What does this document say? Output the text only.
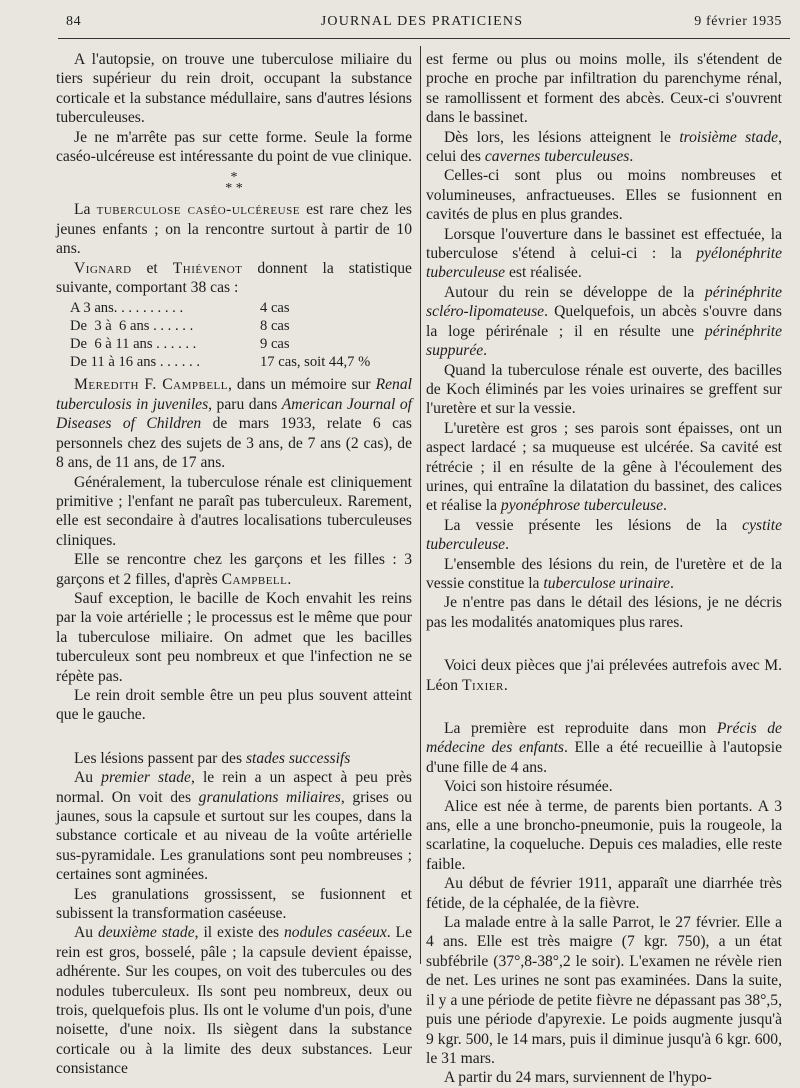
84	JOURNAL DES PRATICIENS	9 février 1935

A l'autopsie, on trouve une tuberculose miliaire du tiers supérieur du rein droit, occupant la substance corticale et la substance médullaire, sans d'autres lésions tuberculeuses.

Je ne m'arrête pas sur cette forme. Seule la forme caséo-ulcéreuse est intéressante du point de vue clinique.

*
* *

La tuberculose caséo-ulcéreuse est rare chez les jeunes enfants ; on la rencontre surtout à partir de 10 ans.

Vignard et Thiévenot donnent la statistique suivante, comportant 38 cas :

A 3 ans. . . . . . . . . .	4 cas
De  3 à  6 ans . . . . . .	8 cas
De  6 à 11 ans . . . . . .	9 cas
De 11 à 16 ans . . . . . .	17 cas, soit 44,7 %

Meredith F. Campbell, dans un mémoire sur Renal tuberculosis in juveniles, paru dans American Journal of Diseases of Children de mars 1933, relate 6 cas personnels chez des sujets de 3 ans, de 7 ans (2 cas), de 8 ans, de 11 ans, de 17 ans.

Généralement, la tuberculose rénale est cliniquement primitive ; l'enfant ne paraît pas tuberculeux. Rarement, elle est secondaire à d'autres localisations tuberculeuses cliniques.

Elle se rencontre chez les garçons et les filles : 3 garçons et 2 filles, d'après Campbell.

Sauf exception, le bacille de Koch envahit les reins par la voie artérielle ; le processus est le même que pour la tuberculose miliaire. On admet que les bacilles tuberculeux sont peu nombreux et que l'infection ne se répète pas.

Le rein droit semble être un peu plus souvent atteint que le gauche.

Les lésions passent par des stades successifs

Au premier stade, le rein a un aspect à peu près normal. On voit des granulations miliaires, grises ou jaunes, sous la capsule et surtout sur les coupes, dans la substance corticale et au niveau de la voûte artérielle sus-pyramidale. Les granulations sont peu nombreuses ; certaines sont agminées.

Les granulations grossissent, se fusionnent et subissent la transformation caséeuse.

Au deuxième stade, il existe des nodules caséeux. Le rein est gros, bosselé, pâle ; la capsule devient épaisse, adhérente. Sur les coupes, on voit des tubercules ou des nodules tuberculeux. Ils sont peu nombreux, deux ou trois, quelquefois plus. Ils ont le volume d'un pois, d'une noisette, d'une noix. Ils siègent dans la substance corticale ou à la limite des deux substances. Leur consistance

est ferme ou plus ou moins molle, ils s'étendent de proche en proche par infiltration du parenchyme rénal, se ramollissent et forment des abcès. Ceux-ci s'ouvrent dans le bassinet.

Dès lors, les lésions atteignent le troisième stade, celui des cavernes tuberculeuses.

Celles-ci sont plus ou moins nombreuses et volumineuses, anfractueuses. Elles se fusionnent en cavités de plus en plus grandes.

Lorsque l'ouverture dans le bassinet est effectuée, la tuberculose s'étend à celui-ci : la pyélonéphrite tuberculeuse est réalisée.

Autour du rein se développe de la périnéphrite scléro-lipomateuse. Quelquefois, un abcès s'ouvre dans la loge périrénale ; il en résulte une périnéphrite suppurée.

Quand la tuberculose rénale est ouverte, des bacilles de Koch éliminés par les voies urinaires se greffent sur l'uretère et sur la vessie.

L'uretère est gros ; ses parois sont épaisses, ont un aspect lardacé ; sa muqueuse est ulcérée. Sa cavité est rétrécie ; il en résulte de la gêne à l'écoulement des urines, qui entraîne la dilatation du bassinet, des calices et réalise la pyonéphrose tuberculeuse.

La vessie présente les lésions de la cystite tuberculeuse.

L'ensemble des lésions du rein, de l'uretère et de la vessie constitue la tuberculose urinaire.

Je n'entre pas dans le détail des lésions, je ne décris pas les modalités anatomiques plus rares.

Voici deux pièces que j'ai prélevées autrefois avec M. Léon Tixier.

La première est reproduite dans mon Précis de médecine des enfants. Elle a été recueillie à l'autopsie d'une fille de 4 ans.

Voici son histoire résumée.

Alice est née à terme, de parents bien portants. A 3 ans, elle a une broncho-pneumonie, puis la rougeole, la scarlatine, la coqueluche. Depuis ces maladies, elle reste faible.

Au début de février 1911, apparaît une diarrhée très fétide, de la céphalée, de la fièvre.

La malade entre à la salle Parrot, le 27 février. Elle a 4 ans. Elle est très maigre (7 kgr. 750), a un état subfébrile (37°,8-38°,2 le soir). L'examen ne révèle rien de net. Les urines ne sont pas examinées. Dans la suite, il y a une période de petite fièvre ne dépassant pas 38°,5, puis une période d'apyrexie. Le poids augmente jusqu'à 9 kgr. 500, le 14 mars, puis il diminue jusqu'à 6 kgr. 600, le 31 mars.

A partir du 24 mars, surviennent de l'hypo-
